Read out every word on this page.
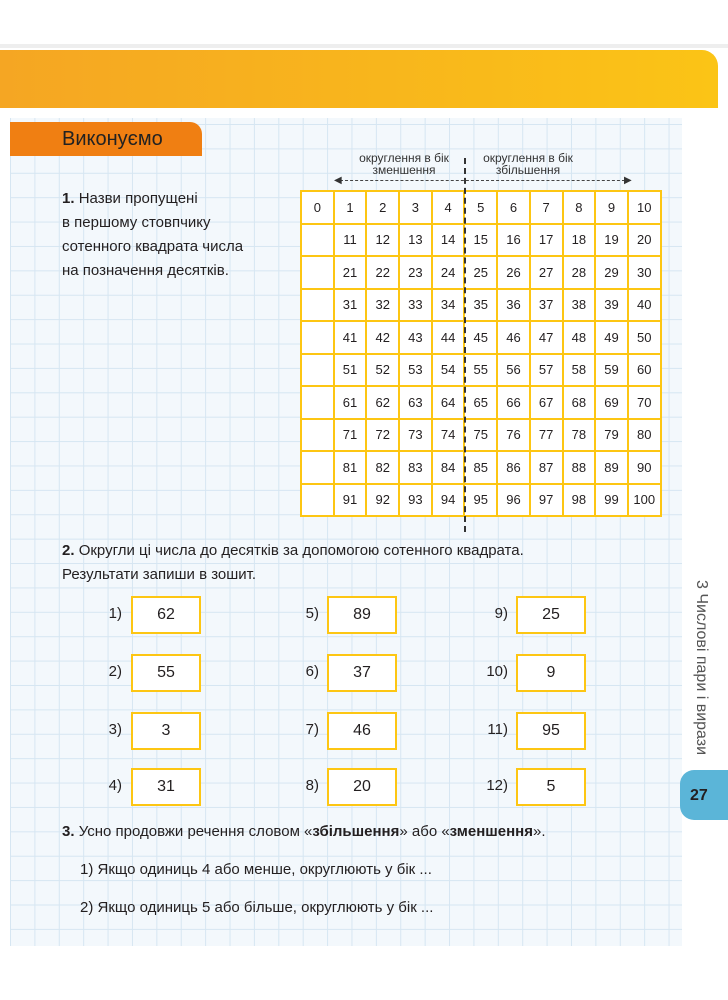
Виконуємо
1. Назви пропущені
в першому стовпчику
сотенного квадрата числа
на позначення десятків.
округлення в бік
зменшення
округлення в бік
збільшення
◀	▶
0	1	2	3	4	5	6	7	8	9	10
	11	12	13	14	15	16	17	18	19	20
	21	22	23	24	25	26	27	28	29	30
	31	32	33	34	35	36	37	38	39	40
	41	42	43	44	45	46	47	48	49	50
	51	52	53	54	55	56	57	58	59	60
	61	62	63	64	65	66	67	68	69	70
	71	72	73	74	75	76	77	78	79	80
	81	82	83	84	85	86	87	88	89	90
	91	92	93	94	95	96	97	98	99	100
2. Округли ці числа до десятків за допомогою сотенного квадрата.
Результати запиши в зошит.
1)	62
2)	55
3)	3
4)	31
5)	89
6)	37
7)	46
8)	20
9)	25
10)	9
11)	95
12)	5
3. Усно продовжи речення словом «збільшення» або «зменшення».
1) Якщо одиниць 4 або менше, округлюють у бік ...
2) Якщо одиниць 5 або більше, округлюють у бік ...
3 Числові пари і вирази
27
